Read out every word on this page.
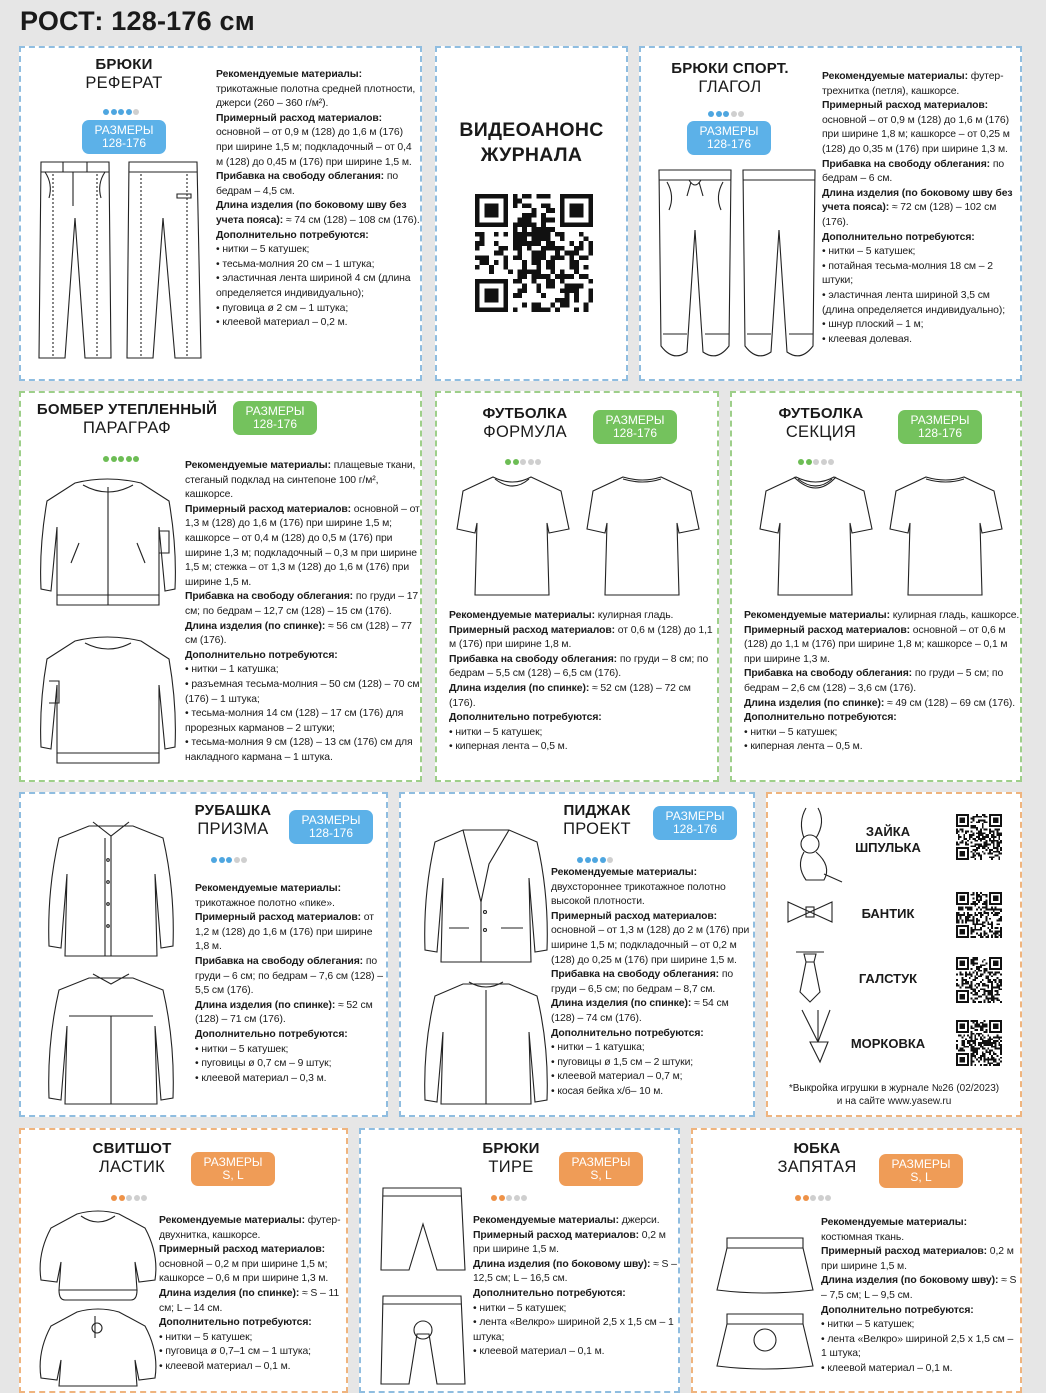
РОСТ: 128-176 см
БРЮКИ
РЕФЕРАТ
РАЗМЕРЫ
128-176

Рекомендуемые материалы: трикотажные полотна средней плотности, джерси (260 – 360 г/м²).

Примерный расход материалов: основной – от 0,9 м (128) до 1,6 м (176) при ширине 1,5 м; подкладочный – от 0,4 м (128) до 0,45 м (176) при ширине 1,5 м.

Прибавка на свободу облегания: по бедрам – 4,5 см.

Длина изделия (по боковому шву без учета пояса): ≈ 74 см (128) – 108 см (176).

Дополнительно потребуются:
• нитки – 5 катушек;
• тесьма-молния 20 см – 1 штука;
• эластичная лента шириной 4 см (длина определяется индивидуально);
• пуговица ø 2 см – 1 штука;
• клеевой материал – 0,2 м.

ВИДЕОАНОНС
ЖУРНАЛА
БРЮКИ СПОРТ.
ГЛАГОЛ
РАЗМЕРЫ
128-176

Рекомендуемые материалы: футер-трехнитка (петля), кашкорсе.

Примерный расход материалов: основной – от 0,9 м (128) до 1,6 м (176) при ширине 1,8 м; кашкорсе – от 0,25 м (128) до 0,35 м (176) при ширине 1,3 м.

Прибавка на свободу облегания: по бедрам – 6 см.

Длина изделия (по боковому шву без учета пояса): ≈ 72 см (128) – 102 см (176).

Дополнительно потребуются:
• нитки – 5 катушек;
• потайная тесьма-молния 18 см – 2 штуки;
• эластичная лента шириной 3,5 см (длина определяется индивидуально);
• шнур плоский – 1 м;
• клеевая долевая.

БОМБЕР УТЕПЛЕННЫЙ
ПАРАГРАФ
РАЗМЕРЫ
128-176

Рекомендуемые материалы: плащевые ткани, стеганый подклад на синтепоне 100 г/м², кашкорсе.

Примерный расход материалов: основной – от 1,3 м (128) до 1,6 м (176) при ширине 1,5 м; кашкорсе – от 0,4 м (128) до 0,5 м (176) при ширине 1,3 м; подкладочный – 0,3 м при ширине 1,5 м; стежка – от 1,3 м (128) до 1,6 м (176) при ширине 1,5 м.

Прибавка на свободу облегания: по груди – 17 см; по бедрам – 12,7 см (128) – 15 см (176).

Длина изделия (по спинке): ≈ 56 см (128) – 77 см (176).

Дополнительно потребуются:
• нитки – 1 катушка;
• разъемная тесьма-молния – 50 см (128) – 70 см (176) – 1 штука;
• тесьма-молния 14 см (128) – 17 см (176) для прорезных карманов – 2 штуки;
• тесьма-молния 9 см (128) – 13 см (176) см для накладного кармана – 1 штука.

ФУТБОЛКА
ФОРМУЛА
РАЗМЕРЫ
128-176

Рекомендуемые материалы: кулирная гладь.

Примерный расход материалов: от 0,6 м (128) до 1,1 м (176) при ширине 1,8 м.

Прибавка на свободу облегания: по груди – 8 см; по бедрам – 5,5 см (128) – 6,5 см (176).

Длина изделия (по спинке): ≈ 52 см (128) – 72 см (176).

Дополнительно потребуются:
• нитки – 5 катушек;
• киперная лента – 0,5 м.

ФУТБОЛКА
СЕКЦИЯ
РАЗМЕРЫ
128-176

Рекомендуемые материалы: кулирная гладь, кашкорсе.

Примерный расход материалов: основной – от 0,6 м (128) до 1,1 м (176) при ширине 1,8 м; кашкорсе – 0,1 м при ширине 1,3 м.

Прибавка на свободу облегания: по груди – 5 см; по бедрам – 2,6 см (128) – 3,6 см (176).

Длина изделия (по спинке): ≈ 49 см (128) – 69 см (176).

Дополнительно потребуются:
• нитки – 5 катушек;
• киперная лента – 0,5 м.

РУБАШКА
ПРИЗМА	РАЗМЕРЫ
128-176

Рекомендуемые материалы: трикотажное полотно «пике».

Примерный расход материалов: от 1,2 м (128) до 1,6 м (176) при ширине 1,8 м.

Прибавка на свободу облегания: по груди – 6 см; по бедрам – 7,6 см (128) – 5,5 см (176).

Длина изделия (по спинке): ≈ 52 см (128) – 71 см (176).

Дополнительно потребуются:
• нитки – 5 катушек;
• пуговицы ø 0,7 см – 9 штук;
• клеевой материал – 0,3 м.

ПИДЖАК
ПРОЕКТ
РАЗМЕРЫ
128-176

Рекомендуемые материалы: двухстороннее трикотажное полотно высокой плотности.

Примерный расход материалов: основной – от 1,3 м (128) до 2 м (176) при ширине 1,5 м; подкладочный – от 0,2 м (128) до 0,25 м (176) при ширине 1,5 м.

Прибавка на свободу облегания: по груди – 6,5 см; по бедрам – 8,7 см.

Длина изделия (по спинке): ≈ 54 см (128) – 74 см (176).

Дополнительно потребуются:
• нитки – 1 катушка;
• пуговицы ø 1,5 см – 2 штуки;
• клеевой материал – 0,7 м;
• косая бейка х/б– 10 м.

ЗАЙКА
ШПУЛЬКА
БАНТИК
ГАЛСТУК
МОРКОВКА
*Выкройка игрушки в журнале №26 (02/2023)
и на сайте www.yasew.ru
СВИТШОТ
ЛАСТИК	РАЗМЕРЫ
S, L

Рекомендуемые материалы: футер-двухнитка, кашкорсе.

Примерный расход материалов: основной – 0,2 м при ширине 1,5 м; кашкорсе – 0,6 м при ширине 1,3 м.

Длина изделия (по спинке): ≈ S – 11 см; L – 14 см.

Дополнительно потребуются:
• нитки – 5 катушек;
• пуговица ø 0,7–1 см – 1 штука;
• клеевой материал – 0,1 м.

БРЮКИ
ТИРЕ	РАЗМЕРЫ
S, L

Рекомендуемые материалы: джерси.

Примерный расход материалов: 0,2 м при ширине 1,5 м.

Длина изделия (по боковому шву): ≈ S – 12,5 см; L – 16,5 см.

Дополнительно потребуются:
• нитки – 5 катушек;
• лента «Велкро» шириной 2,5 х 1,5 см – 1 штука;
• клеевой материал – 0,1 м.

ЮБКА
ЗАПЯТАЯ	РАЗМЕРЫ
S, L

Рекомендуемые материалы: костюмная ткань.

Примерный расход материалов: 0,2 м при ширине 1,5 м.

Длина изделия (по боковому шву): ≈ S – 7,5 см; L – 9,5 см.

Дополнительно потребуются:
• нитки – 5 катушек;
• лента «Велкро» шириной 2,5 х 1,5 см – 1 штука;
• клеевой материал – 0,1 м.
